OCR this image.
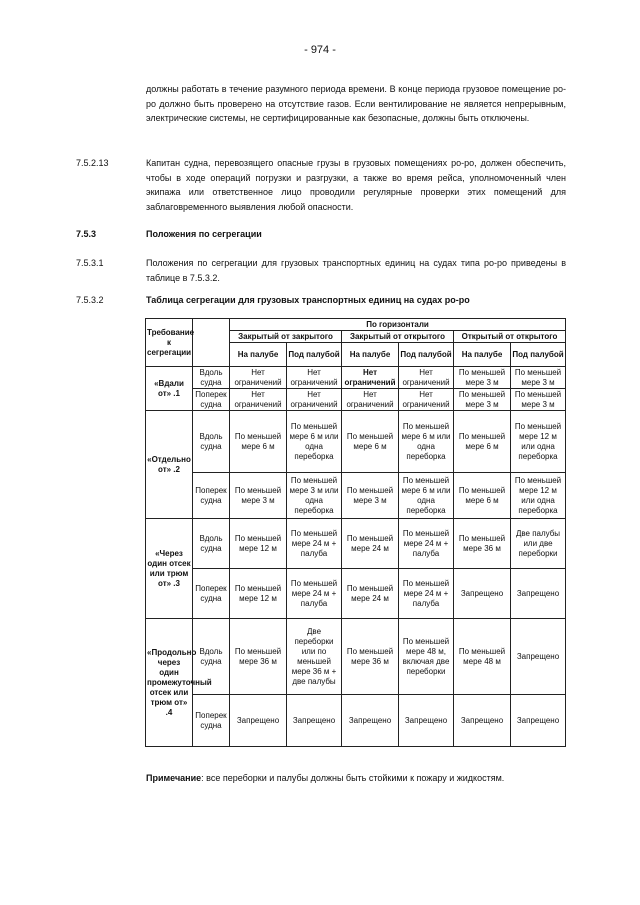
- 974 -
должны работать в течение разумного периода времени. В конце периода грузовое помещение ро-ро должно быть проверено на отсутствие газов. Если вентилирование не является непрерывным, электрические системы, не сертифицированные как безопасные, должны быть отключены.
7.5.2.13	Капитан судна, перевозящего опасные грузы в грузовых помещениях ро-ро, должен обеспечить, чтобы в ходе операций погрузки и разгрузки, а также во время рейса, уполномоченный член экипажа или ответственное лицо проводили регулярные проверки этих помещений для заблаговременного выявления любой опасности.
7.5.3	Положения по сегрегации
7.5.3.1	Положения по сегрегации для грузовых транспортных единиц на судах типа ро-ро приведены в таблице в 7.5.3.2.
7.5.3.2	Таблица сегрегации для грузовых транспортных единиц на судах ро-ро
Требование к сегрегации		По горизонтали					
		Закрытый от закрытого		Закрытый от открытого		Открытый от открытого	
		На палубе	Под палубой	На палубе	Под палубой	На палубе	Под палубой
«Вдали от» .1	Вдоль судна	Нет ограничений	Нет ограничений	Нет ограничений	Нет ограничений	По меньшей мере 3 м	По меньшей мере 3 м
	Поперек судна	Нет ограничений	Нет ограничений	Нет ограничений	Нет ограничений	По меньшей мере 3 м	По меньшей мере 3 м
«Отдельно от» .2	Вдоль судна	По меньшей мере 6 м	По меньшей мере 6 м или одна переборка	По меньшей мере 6 м	По меньшей мере 6 м или одна переборка	По меньшей мере 6 м	По меньшей мере 12 м или одна переборка
	Поперек судна	По меньшей мере 3 м	По меньшей мере 3 м или одна переборка	По меньшей мере 3 м	По меньшей мере 6 м или одна переборка	По меньшей мере 6 м	По меньшей мере 12 м или одна переборка
«Через один отсек или трюм от» .3	Вдоль судна	По меньшей мере 12 м	По меньшей мере 24 м + палуба	По меньшей мере 24 м	По меньшей мере 24 м + палуба	По меньшей мере 36 м	Две палубы или две переборки
	Поперек судна	По меньшей мере 12 м	По меньшей мере 24 м + палуба	По меньшей мере 24 м	По меньшей мере 24 м + палуба	Запрещено	Запрещено
«Продольно через один промежуточный отсек или трюм от» .4	Вдоль судна	По меньшей мере 36 м	Две переборки или по меньшей мере 36 м + две палубы	По меньшей мере 36 м	По меньшей мере 48 м, включая две переборки	По меньшей мере 48 м	Запрещено
	Поперек судна	Запрещено	Запрещено	Запрещено	Запрещено	Запрещено	Запрещено
Примечание: все переборки и палубы должны быть стойкими к пожару и жидкостям.
